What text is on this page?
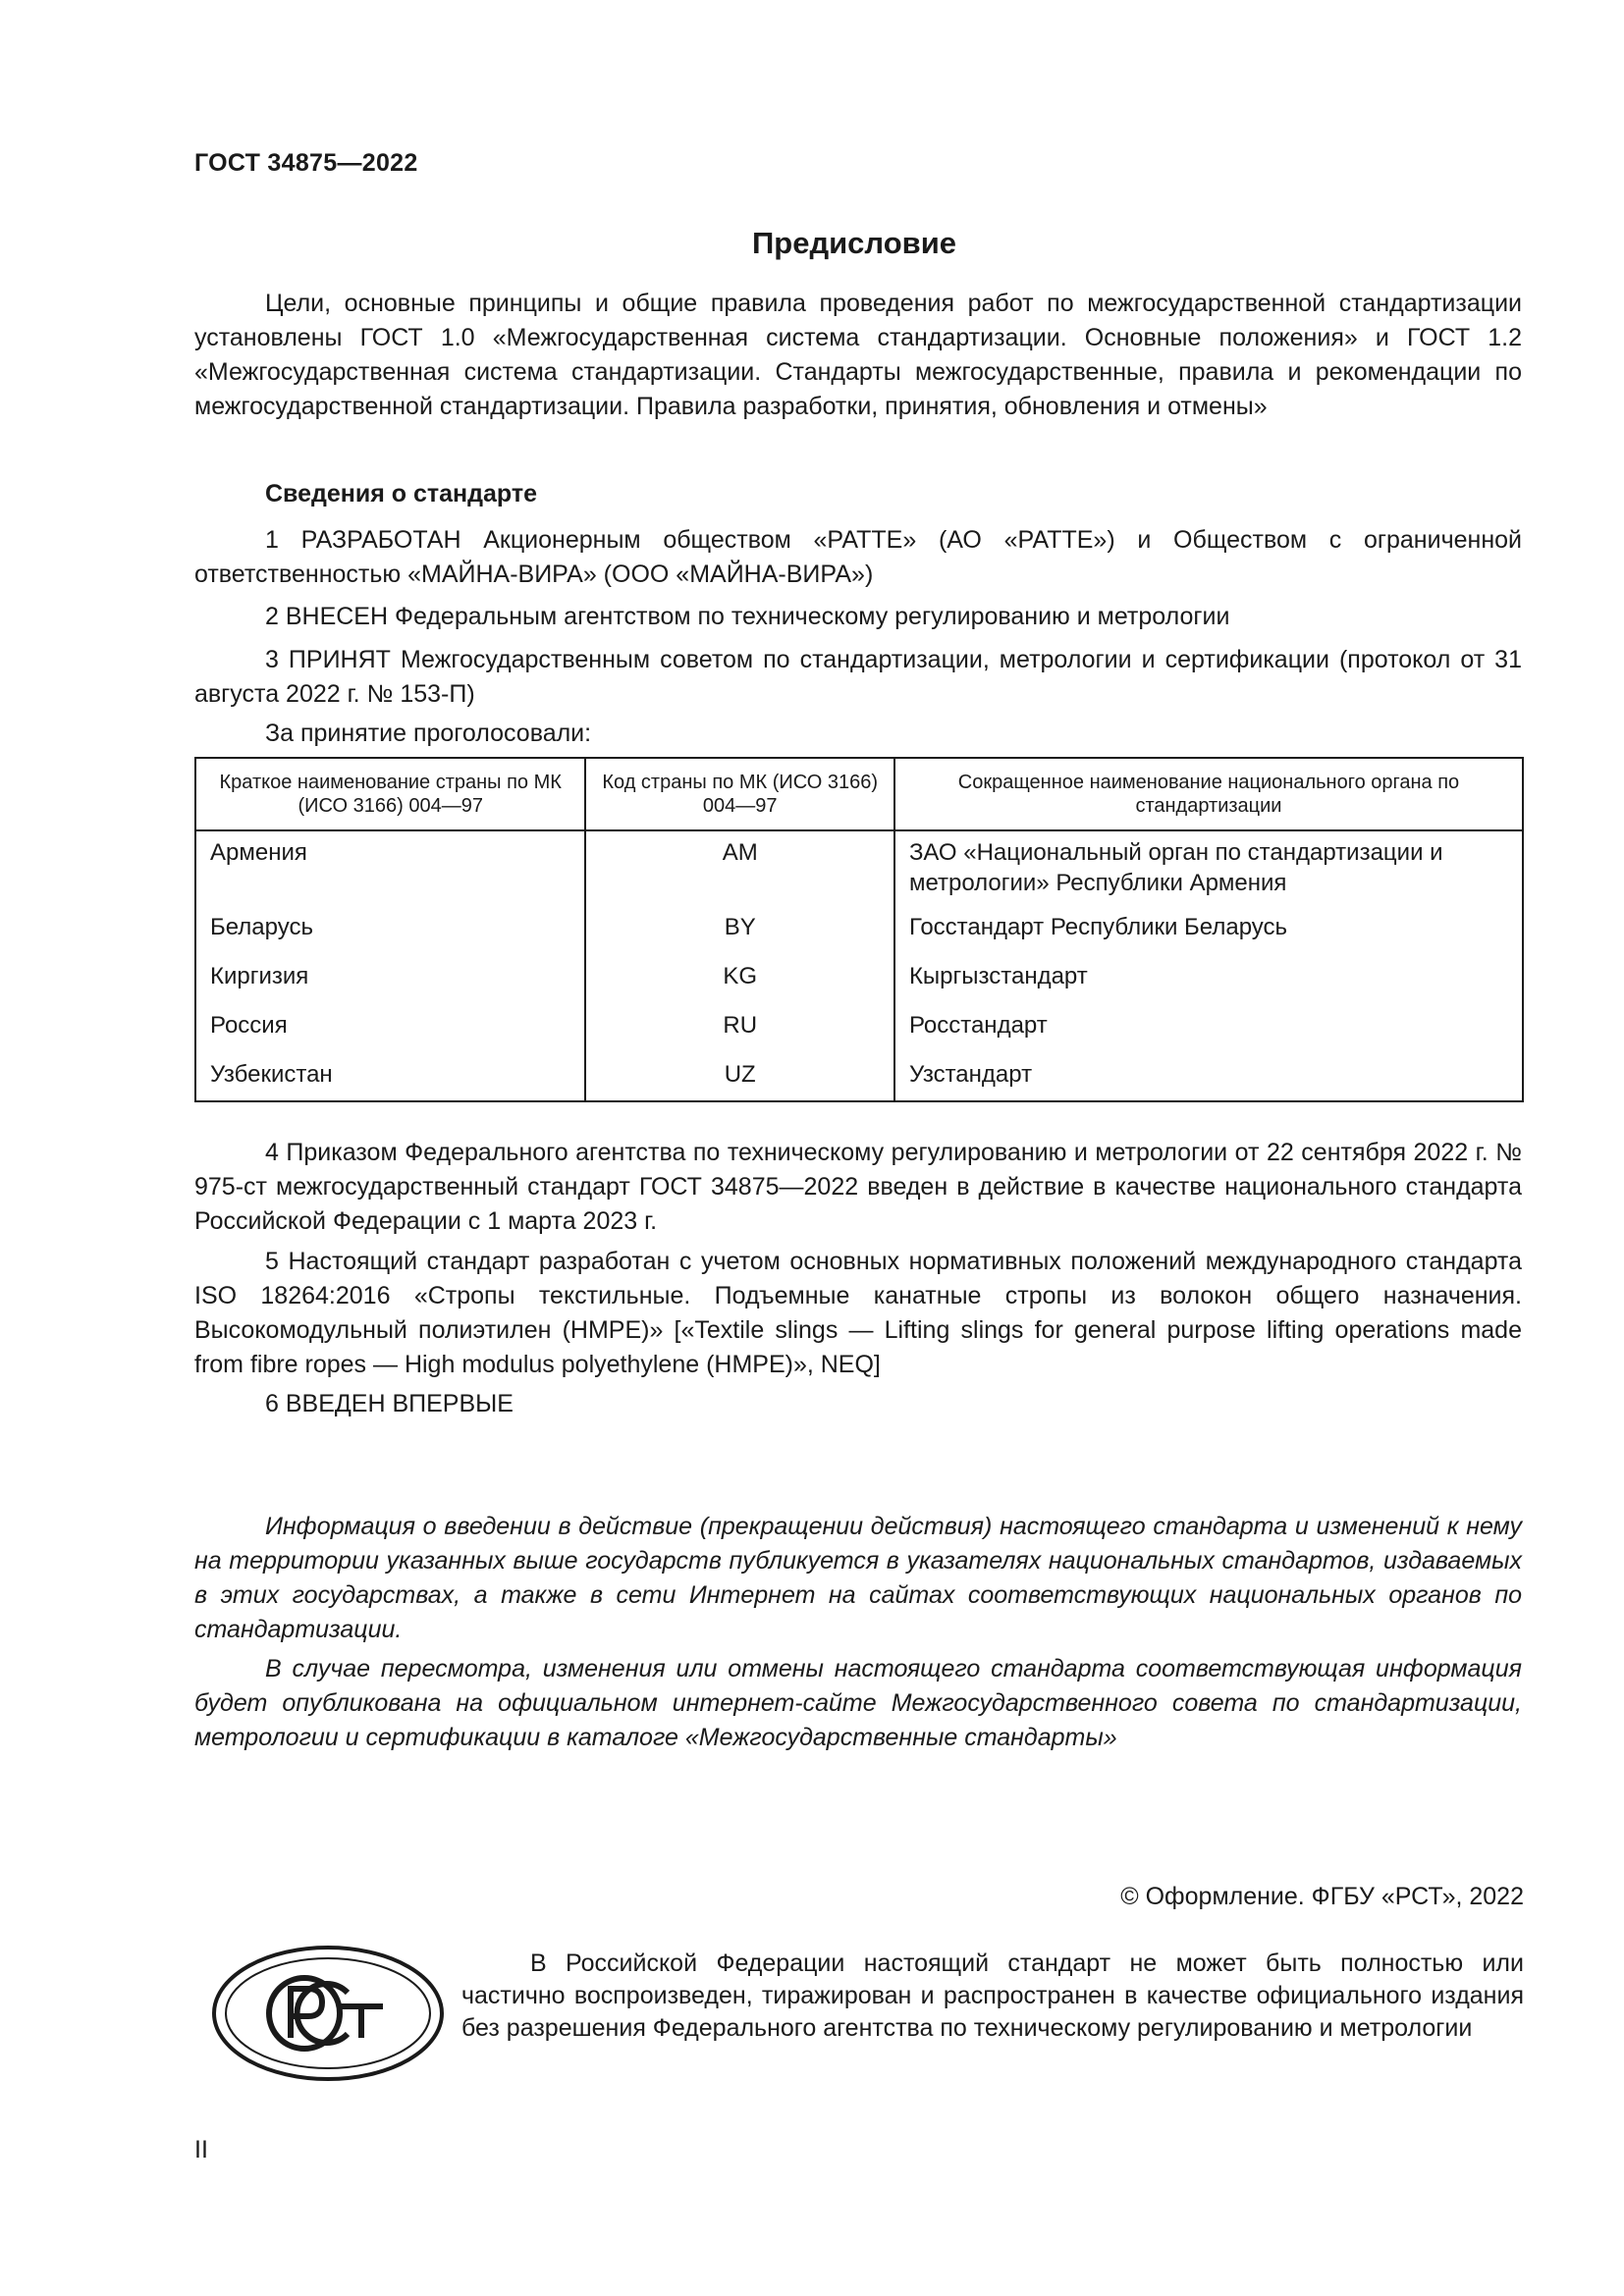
ГОСТ 34875—2022
Предисловие

Цели, основные принципы и общие правила проведения работ по межгосударственной стандартизации установлены ГОСТ 1.0 «Межгосударственная система стандартизации. Основные положения» и ГОСТ 1.2 «Межгосударственная система стандартизации. Стандарты межгосударственные, правила и рекомендации по межгосударственной стандартизации. Правила разработки, принятия, обновления и отмены»

Сведения о стандарте

1 РАЗРАБОТАН Акционерным обществом «РАТТЕ» (АО «РАТТЕ») и Обществом с ограниченной ответственностью «МАЙНА-ВИРА» (ООО «МАЙНА-ВИРА»)

2 ВНЕСЕН Федеральным агентством по техническому регулированию и метрологии

3 ПРИНЯТ Межгосударственным советом по стандартизации, метрологии и сертификации (протокол от 31 августа 2022 г. № 153-П)

За принятие проголосовали:

Краткое наименование страны по МК (ИСО 3166) 004—97	Код страны по МК (ИСО 3166) 004—97	Сокращенное наименование национального органа по стандартизации
Армения	AM	ЗАО «Национальный орган по стандартизации и метрологии» Республики Армения
Беларусь	BY	Госстандарт Республики Беларусь
Киргизия	KG	Кыргызстандарт
Россия	RU	Росстандарт
Узбекистан	UZ	Узстандарт

4 Приказом Федерального агентства по техническому регулированию и метрологии от 22 сентября 2022 г. № 975-ст межгосударственный стандарт ГОСТ 34875—2022 введен в действие в качестве национального стандарта Российской Федерации с 1 марта 2023 г.

5 Настоящий стандарт разработан с учетом основных нормативных положений международного стандарта ISO 18264:2016 «Стропы текстильные. Подъемные канатные стропы из волокон общего назначения. Высокомодульный полиэтилен (HMPE)» [«Textile slings — Lifting slings for general purpose lifting operations made from fibre ropes — High modulus polyethylene (HMPE)», NEQ]

6 ВВЕДЕН ВПЕРВЫЕ

Информация о введении в действие (прекращении действия) настоящего стандарта и изменений к нему на территории указанных выше государств публикуется в указателях национальных стандартов, издаваемых в этих государствах, а также в сети Интернет на сайтах соответствующих национальных органов по стандартизации.

В случае пересмотра, изменения или отмены настоящего стандарта соответствующая информация будет опубликована на официальном интернет-сайте Межгосударственного совета по стандартизации, метрологии и сертификации в каталоге «Межгосударственные стандарты»

© Оформление. ФГБУ «РСТ», 2022

В Российской Федерации настоящий стандарт не может быть полностью или частично воспроизведен, тиражирован и распространен в качестве официального издания без разрешения Федерального агентства по техническому регулированию и метрологии

II
